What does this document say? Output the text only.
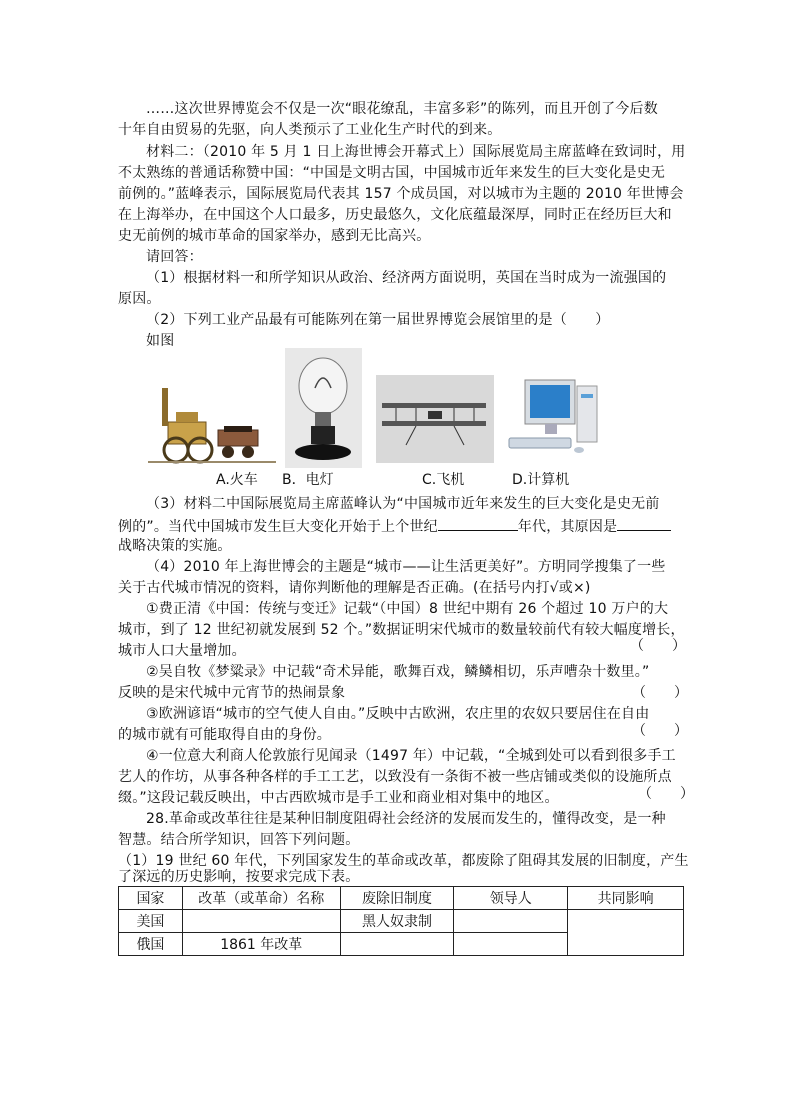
……这次世界博览会不仅是一次“眼花缭乱，丰富多彩”的陈列，而且开创了今后数
十年自由贸易的先驱，向人类预示了工业化生产时代的到来。
材料二：（2010 年 5 月 1 日上海世博会开幕式上）国际展览局主席蓝峰在致词时，用
不太熟练的普通话称赞中国：“中国是文明古国，中国城市近年来发生的巨大变化是史无
前例的。”蓝峰表示，国际展览局代表其 157 个成员国，对以城市为主题的 2010 年世博会
在上海举办，在中国这个人口最多，历史最悠久，文化底蕴最深厚，同时正在经历巨大和
史无前例的城市革命的国家举办，感到无比高兴。
请回答：
（1）根据材料一和所学知识从政治、经济两方面说明，英国在当时成为一流强国的
原因。
（2）下列工业产品最有可能陈列在第一届世界博览会展馆里的是（　　）
如图
A.火车 B．电灯	C.飞机	D.计算机
（3）材料二中国际展览局主席蓝峰认为“中国城市近年来发生的巨大变化是史无前
例的”。当代中国城市发生巨大变化开始于上个世纪	年代，其原因是
战略决策的实施。
（4）2010 年上海世博会的主题是“城市——让生活更美好”。方明同学搜集了一些
关于古代城市情况的资料，请你判断他的理解是否正确。(在括号内打√或×)
①费正清《中国：传统与变迁》记载“（中国）8 世纪中期有 26 个超过 10 万户的大
城市，到了 12 世纪初就发展到 52 个。”数据证明宋代城市的数量较前代有较大幅度增长，
城市人口大量增加。	（　　）
②吴自牧《梦粱录》中记载“奇术异能，歌舞百戏，鳞鳞相切，乐声嘈杂十数里。”
反映的是宋代城中元宵节的热闹景象	（　　）
③欧洲谚语“城市的空气使人自由。”反映中古欧洲，农庄里的农奴只要居住在自由
的城市就有可能取得自由的身份。	（　　）
④一位意大利商人伦敦旅行见闻录（1497 年）中记载，“全城到处可以看到很多手工
艺人的作坊，从事各种各样的手工工艺，以致没有一条街不被一些店铺或类似的设施所点
缀。”这段记载反映出，中古西欧城市是手工业和商业相对集中的地区。	（　　）
28.革命或改革往往是某种旧制度阻碍社会经济的发展而发生的，懂得改变，是一种
智慧。结合所学知识，回答下列问题。
（1）19 世纪 60 年代，下列国家发生的革命或改革，都废除了阻碍其发展的旧制度，产生
了深远的历史影响，按要求完成下表。
国家	改革（或革命）名称	废除旧制度	领导人	共同影响
美国		黑人奴隶制		
俄国	1861 年改革			
